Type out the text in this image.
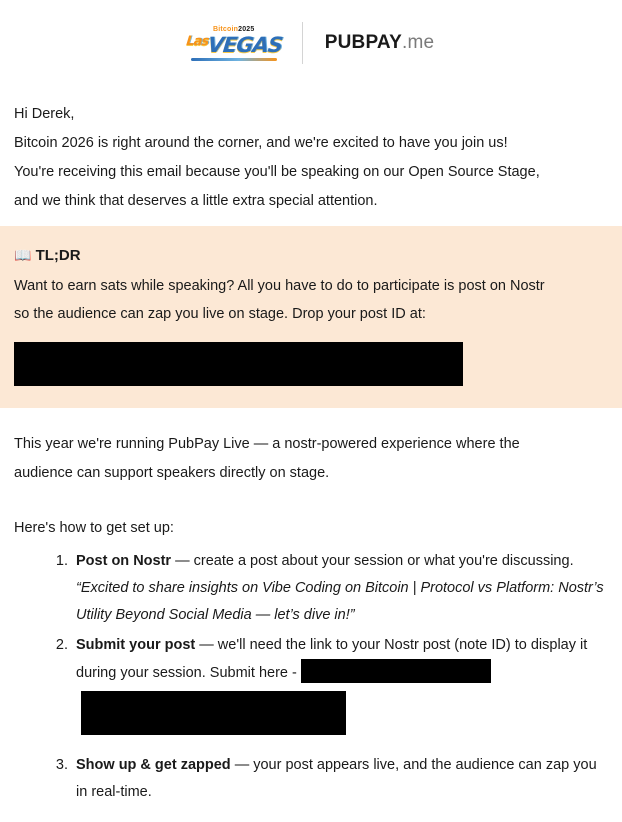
Bitcoin2025
$^{Las}$VEGAS PUBPAY.me

Hi Derek,

Bitcoin 2026 is right around the corner, and we're excited to have you join us!

You're receiving this email because you'll be speaking on our Open Source Stage,

and we think that deserves a little extra special attention.

📖 TL;DR

Want to earn sats while speaking? All you have to do to participate is post on Nostr

so the audience can zap you live on stage. Drop your post ID at:

This year we're running PubPay Live — a nostr-powered experience where the

audience can support speakers directly on stage.

Here's how to get set up:

1. Post on Nostr — create a post about your session or what you're discussing.
“Excited to share insights on Vibe Coding on Bitcoin | Protocol vs Platform: Nostr’s Utility Beyond Social Media — let’s dive in!”
2. Submit your post — we'll need the link to your Nostr post (note ID) to display it during your session. Submit here -
3. Show up & get zapped — your post appears live, and the audience can zap you in real-time.
